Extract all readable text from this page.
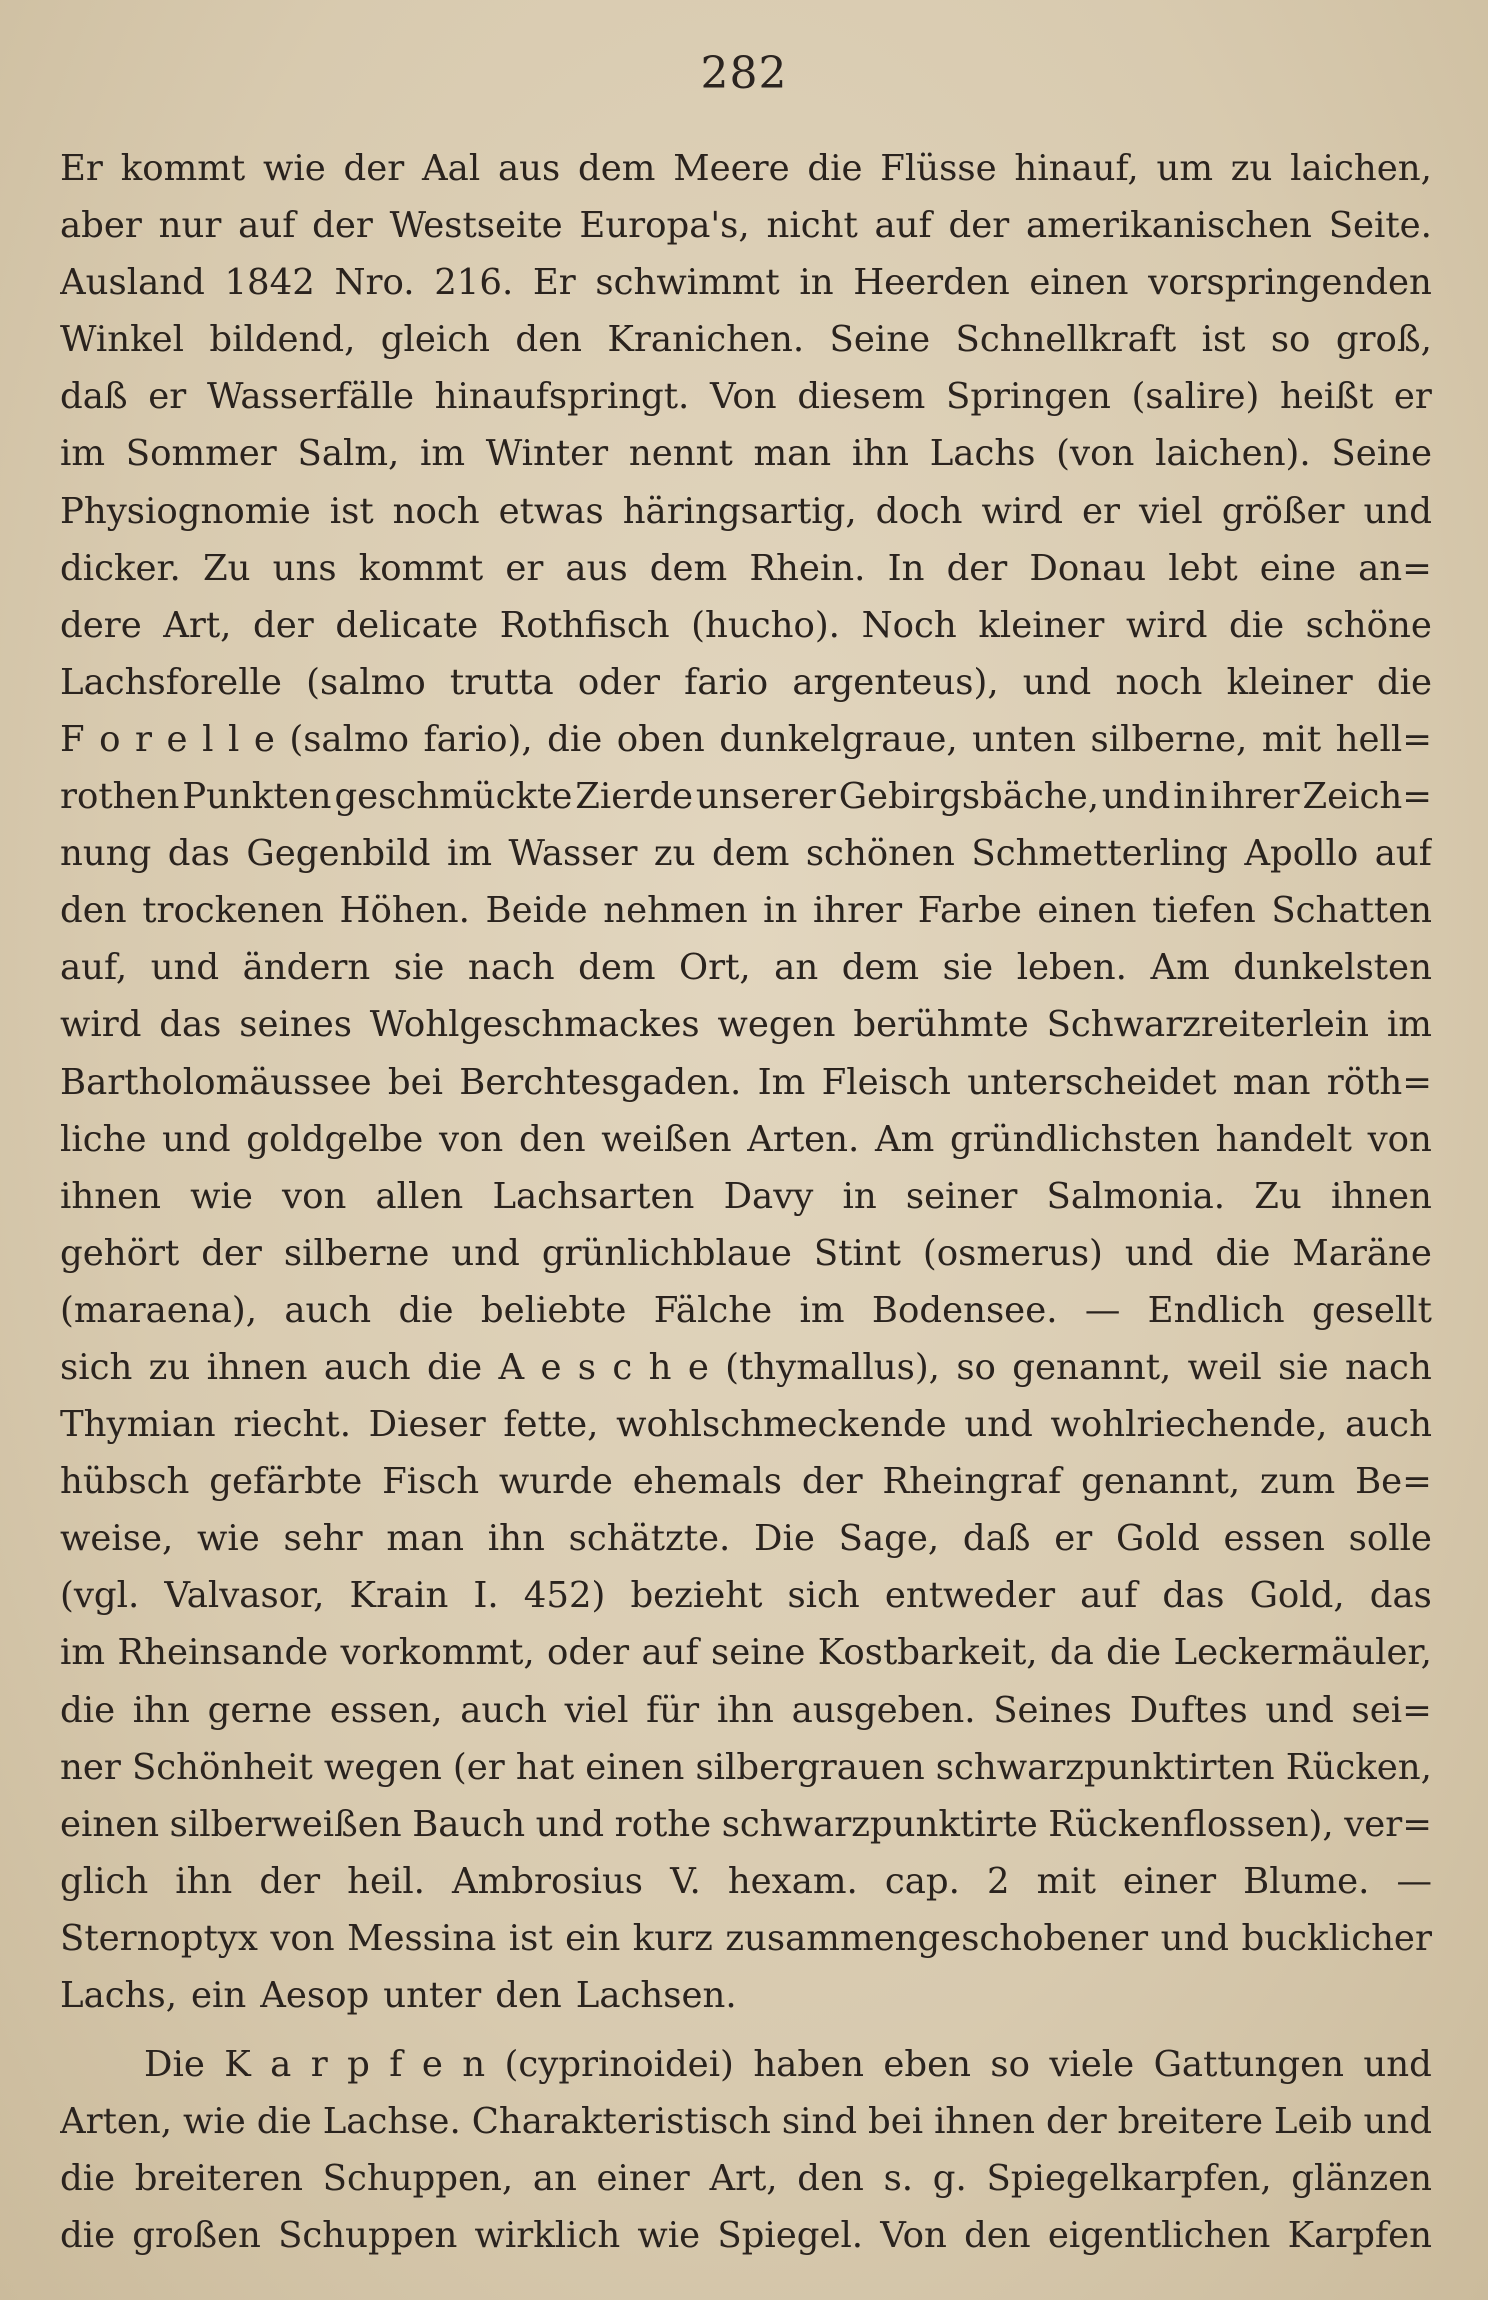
282
Er kommt wie der Aal aus dem Meere die Flüsse hinauf, um zu laichen,
aber nur auf der Westseite Europa's, nicht auf der amerikanischen Seite.
Ausland 1842 Nro. 216. Er schwimmt in Heerden einen vorspringenden
Winkel bildend, gleich den Kranichen. Seine Schnellkraft ist so groß,
daß er Wasserfälle hinaufspringt. Von diesem Springen (salire) heißt er
im Sommer Salm, im Winter nennt man ihn Lachs (von laichen). Seine
Physiognomie ist noch etwas häringsartig, doch wird er viel größer und
dicker. Zu uns kommt er aus dem Rhein. In der Donau lebt eine an=
dere Art, der delicate Rothfisch (hucho). Noch kleiner wird die schöne
Lachsforelle (salmo trutta oder fario argenteus), und noch kleiner die
F o r e l l e (salmo fario), die oben dunkelgraue, unten silberne, mit hell=
rothen Punkten geschmückte Zierde unserer Gebirgsbäche, und in ihrer Zeich=
nung das Gegenbild im Wasser zu dem schönen Schmetterling Apollo auf
den trockenen Höhen. Beide nehmen in ihrer Farbe einen tiefen Schatten
auf, und ändern sie nach dem Ort, an dem sie leben. Am dunkelsten
wird das seines Wohlgeschmackes wegen berühmte Schwarzreiterlein im
Bartholomäussee bei Berchtesgaden. Im Fleisch unterscheidet man röth=
liche und goldgelbe von den weißen Arten. Am gründlichsten handelt von
ihnen wie von allen Lachsarten Davy in seiner Salmonia. Zu ihnen
gehört der silberne und grünlichblaue Stint (osmerus) und die Maräne
(maraena), auch die beliebte Fälche im Bodensee. — Endlich gesellt
sich zu ihnen auch die A e s c h e (thymallus), so genannt, weil sie nach
Thymian riecht. Dieser fette, wohlschmeckende und wohlriechende, auch
hübsch gefärbte Fisch wurde ehemals der Rheingraf genannt, zum Be=
weise, wie sehr man ihn schätzte. Die Sage, daß er Gold essen solle
(vgl. Valvasor, Krain I. 452) bezieht sich entweder auf das Gold, das
im Rheinsande vorkommt, oder auf seine Kostbarkeit, da die Leckermäuler,
die ihn gerne essen, auch viel für ihn ausgeben. Seines Duftes und sei=
ner Schönheit wegen (er hat einen silbergrauen schwarzpunktirten Rücken,
einen silberweißen Bauch und rothe schwarzpunktirte Rückenflossen), ver=
glich ihn der heil. Ambrosius V. hexam. cap. 2 mit einer Blume. —
Sternoptyx von Messina ist ein kurz zusammengeschobener und bucklicher
Lachs, ein Aesop unter den Lachsen.
Die K a r p f e n (cyprinoidei) haben eben so viele Gattungen und
Arten, wie die Lachse. Charakteristisch sind bei ihnen der breitere Leib und
die breiteren Schuppen, an einer Art, den s. g. Spiegelkarpfen, glänzen
die großen Schuppen wirklich wie Spiegel. Von den eigentlichen Karpfen
